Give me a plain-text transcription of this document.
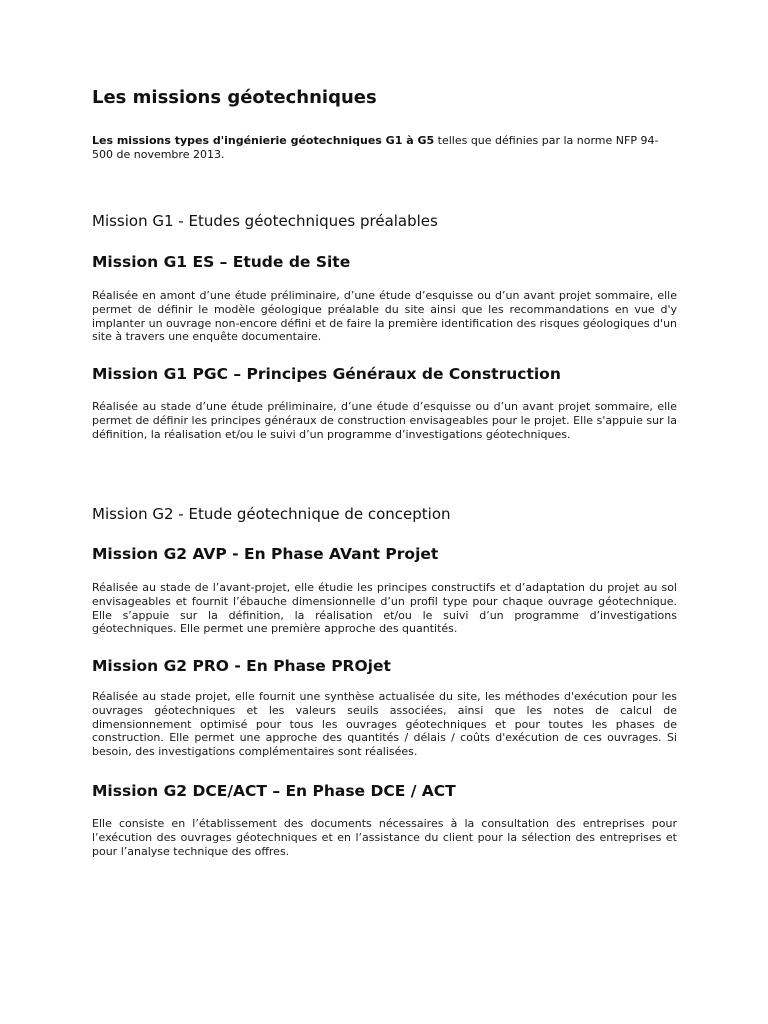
Les missions géotechniques

Les missions types d'ingénierie géotechniques G1 à G5 telles que définies par la norme NFP 94-500 de novembre 2013.

Mission G1 - Etudes géotechniques préalables
Mission G1 ES – Etude de Site

Réalisée en amont d’une étude préliminaire, d’une étude d’esquisse ou d’un avant projet sommaire, elle permet de définir le modèle géologique préalable du site ainsi que les recommandations en vue d'y implanter un ouvrage non-encore défini et de faire la première identification des risques géologiques d'un site à travers une enquête documentaire.

Mission G1 PGC – Principes Généraux de Construction

Réalisée au stade d’une étude préliminaire, d’une étude d’esquisse ou d’un avant projet sommaire, elle permet de définir les principes généraux de construction envisageables pour le projet. Elle s'appuie sur la définition, la réalisation et/ou le suivi d’un programme d’investigations géotechniques.

Mission G2 - Etude géotechnique de conception
Mission G2 AVP - En Phase AVant Projet

Réalisée au stade de l’avant-projet, elle étudie les principes constructifs et d’adaptation du projet au sol envisageables et fournit l’ébauche dimensionnelle d’un profil type pour chaque ouvrage géotechnique. Elle s’appuie sur la définition, la réalisation et/ou le suivi d’un programme d’investigations géotechniques. Elle permet une première approche des quantités.

Mission G2 PRO - En Phase PROjet

Réalisée au stade projet, elle fournit une synthèse actualisée du site, les méthodes d'exécution pour les ouvrages géotechniques et les valeurs seuils associées, ainsi que les notes de calcul de dimensionnement optimisé pour tous les ouvrages géotechniques et pour toutes les phases de construction. Elle permet une approche des quantités / délais / coûts d'exécution de ces ouvrages. Si besoin, des investigations complémentaires sont réalisées.

Mission G2 DCE/ACT – En Phase DCE / ACT

Elle consiste en l’établissement des documents nécessaires à la consultation des entreprises pour l’exécution des ouvrages géotechniques et en l’assistance du client pour la sélection des entreprises et pour l’analyse technique des offres.
